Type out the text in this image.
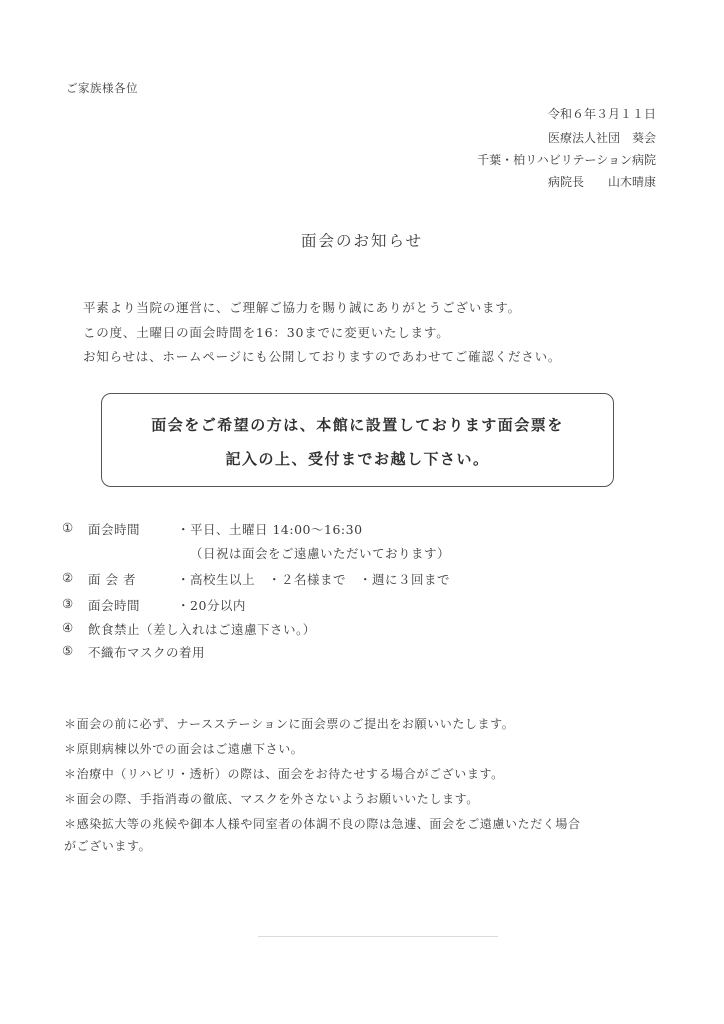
ご家族様各位
令和６年３月１１日
医療法人社団　葵会
千葉・柏リハビリテーション病院
病院長　　山木晴康
面会のお知らせ
平素より当院の運営に、ご理解ご協力を賜り誠にありがとうございます。
この度、土曜日の面会時間を16：30までに変更いたします。
お知らせは、ホームページにも公開しておりますのであわせてご確認ください。
面会をご希望の方は、本館に設置しております面会票を
記入の上、受付までお越し下さい。
① 面会時間	・平日、土曜日 14:00～16:30
（日祝は面会をご遠慮いただいております）
② 面 会 者	・高校生以上　・２名様まで　・週に３回まで
③ 面会時間	・20分以内
④ 飲食禁止（差し入れはご遠慮下さい。）
⑤ 不織布マスクの着用
＊面会の前に必ず、ナースステーションに面会票のご提出をお願いいたします。
＊原則病棟以外での面会はご遠慮下さい。
＊治療中（リハビリ・透析）の際は、面会をお待たせする場合がございます。
＊面会の際、手指消毒の徹底、マスクを外さないようお願いいたします。
＊感染拡大等の兆候や御本人様や同室者の体調不良の際は急遽、面会をご遠慮いただく場合
がございます。
